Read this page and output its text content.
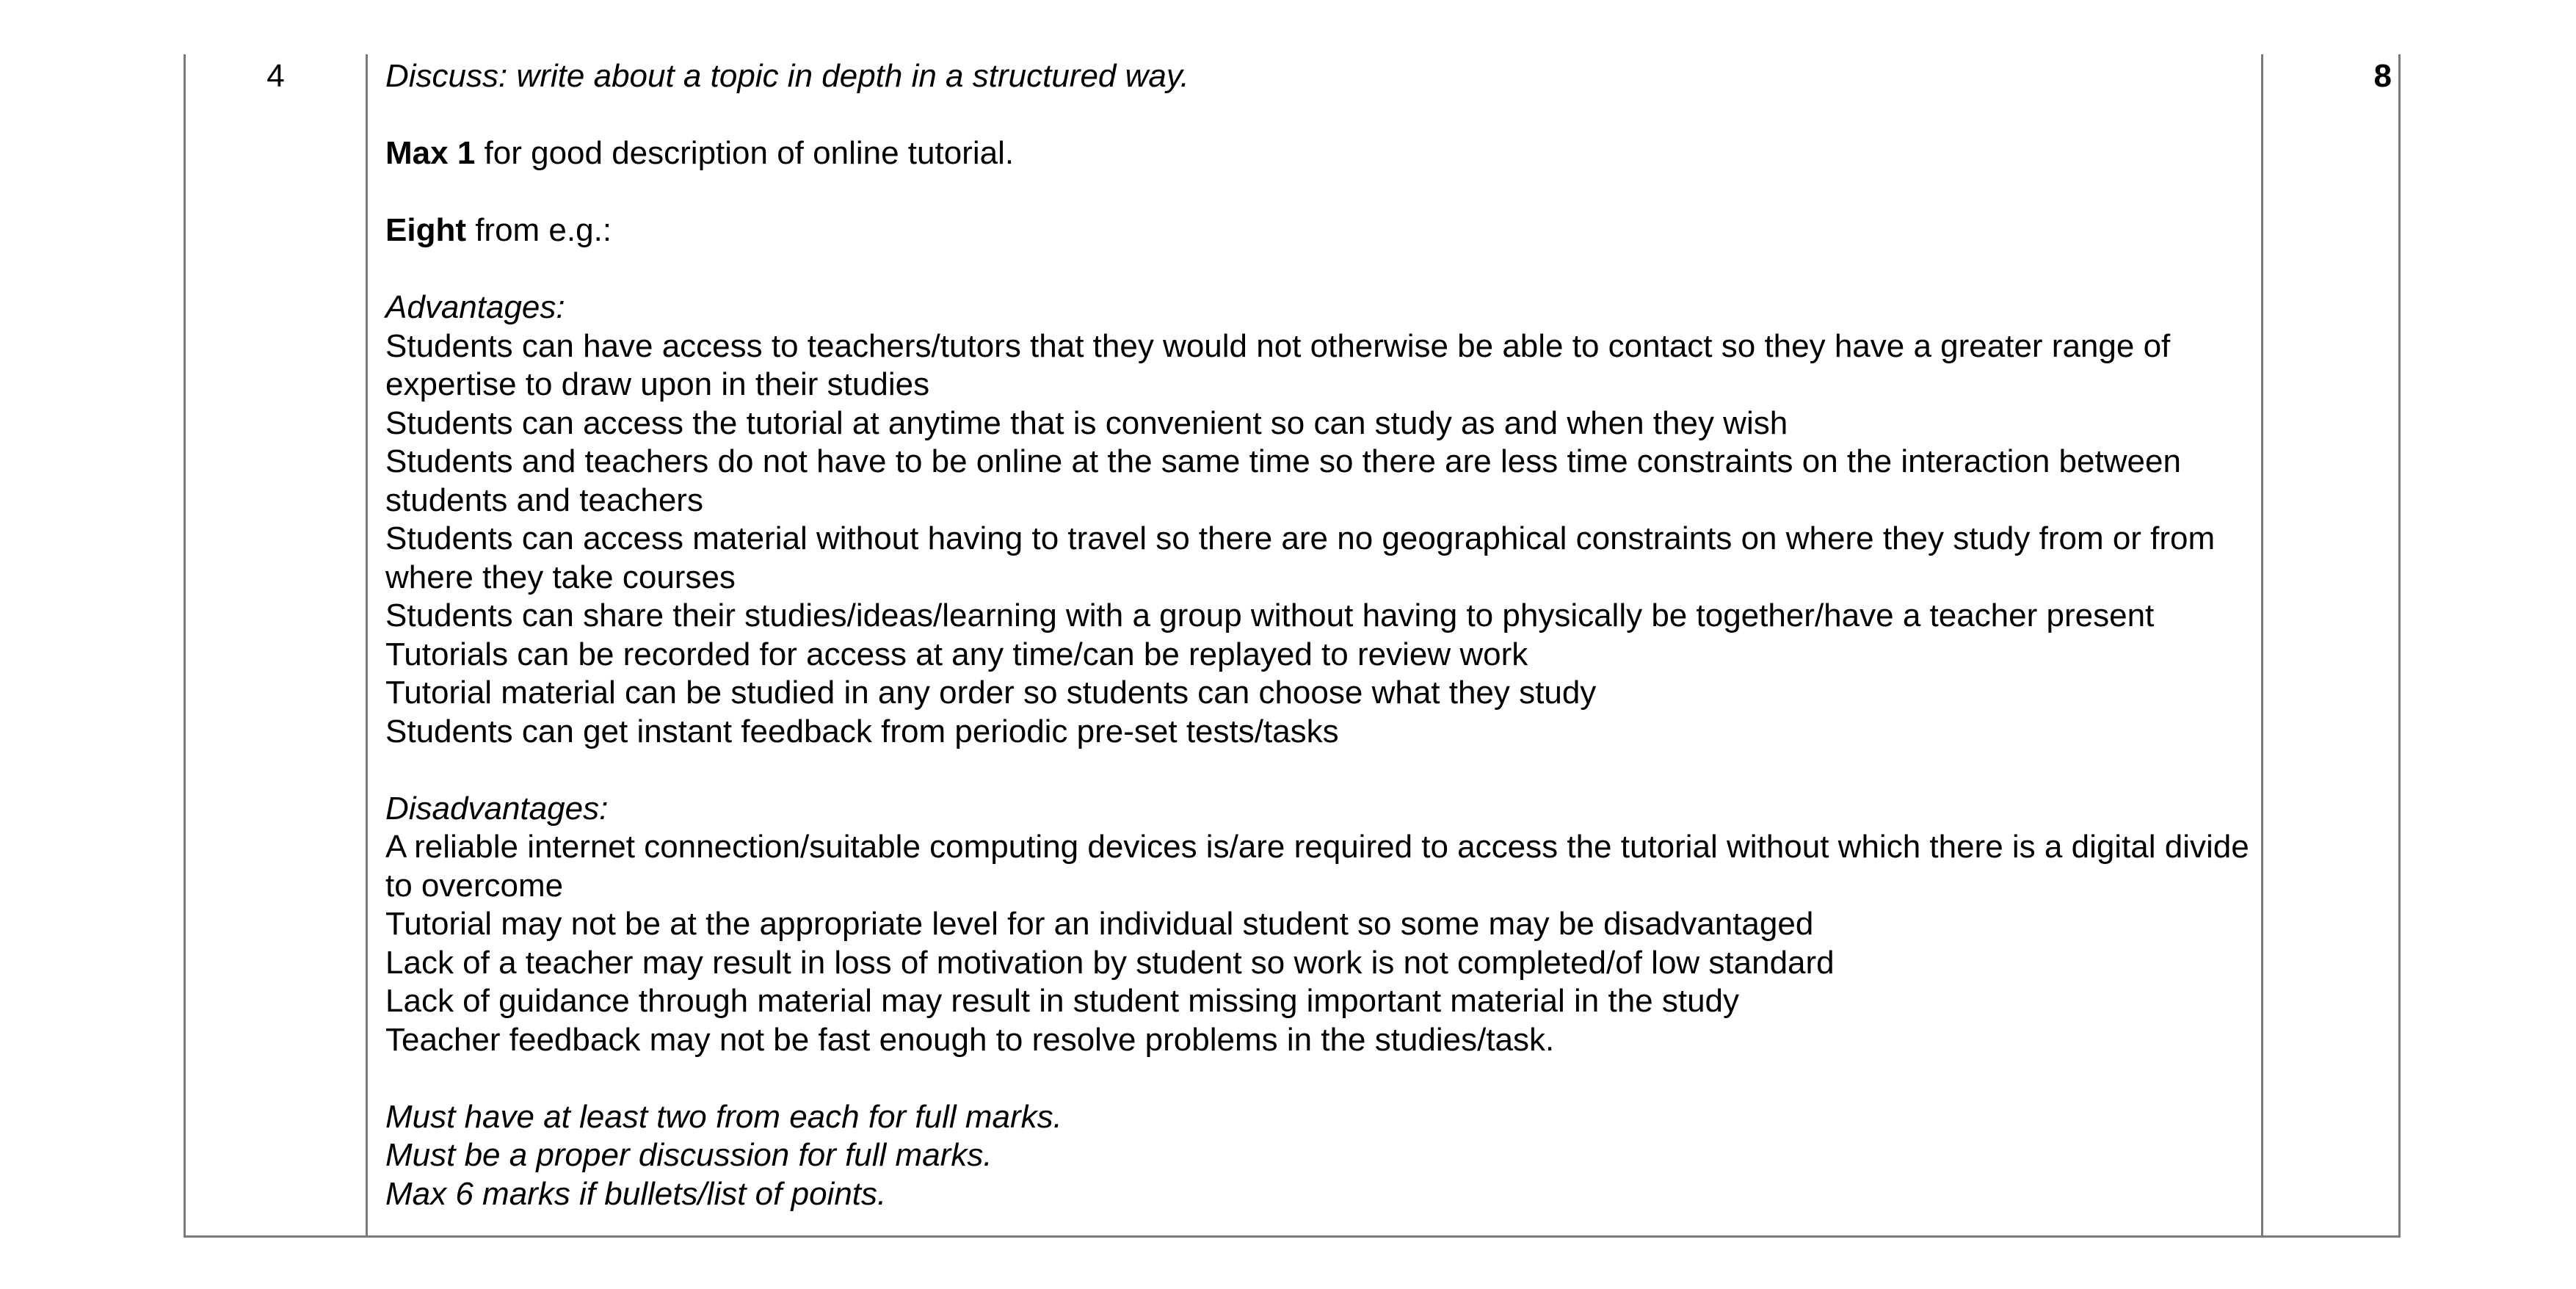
4	Discuss: write about a topic in depth in a structured way.

Max 1 for good description of online tutorial.

Eight from e.g.:

Advantages:
Students can have access to teachers/tutors that they would not otherwise be able to contact so they have a greater range of expertise to draw upon in their studies
Students can access the tutorial at anytime that is convenient so can study as and when they wish
Students and teachers do not have to be online at the same time so there are less time constraints on the interaction between students and teachers
Students can access material without having to travel so there are no geographical constraints on where they study from or from where they take courses
Students can share their studies/ideas/learning with a group without having to physically be together/have a teacher present
Tutorials can be recorded for access at any time/can be replayed to review work
Tutorial material can be studied in any order so students can choose what they study
Students can get instant feedback from periodic pre-set tests/tasks

Disadvantages:
A reliable internet connection/suitable computing devices is/are required to access the tutorial without which there is a digital divide to overcome
Tutorial may not be at the appropriate level for an individual student so some may be disadvantaged
Lack of a teacher may result in loss of motivation by student so work is not completed/of low standard
Lack of guidance through material may result in student missing important material in the study
Teacher feedback may not be fast enough to resolve problems in the studies/task.

Must have at least two from each for full marks.
Must be a proper discussion for full marks.
Max 6 marks if bullets/list of points.

8
